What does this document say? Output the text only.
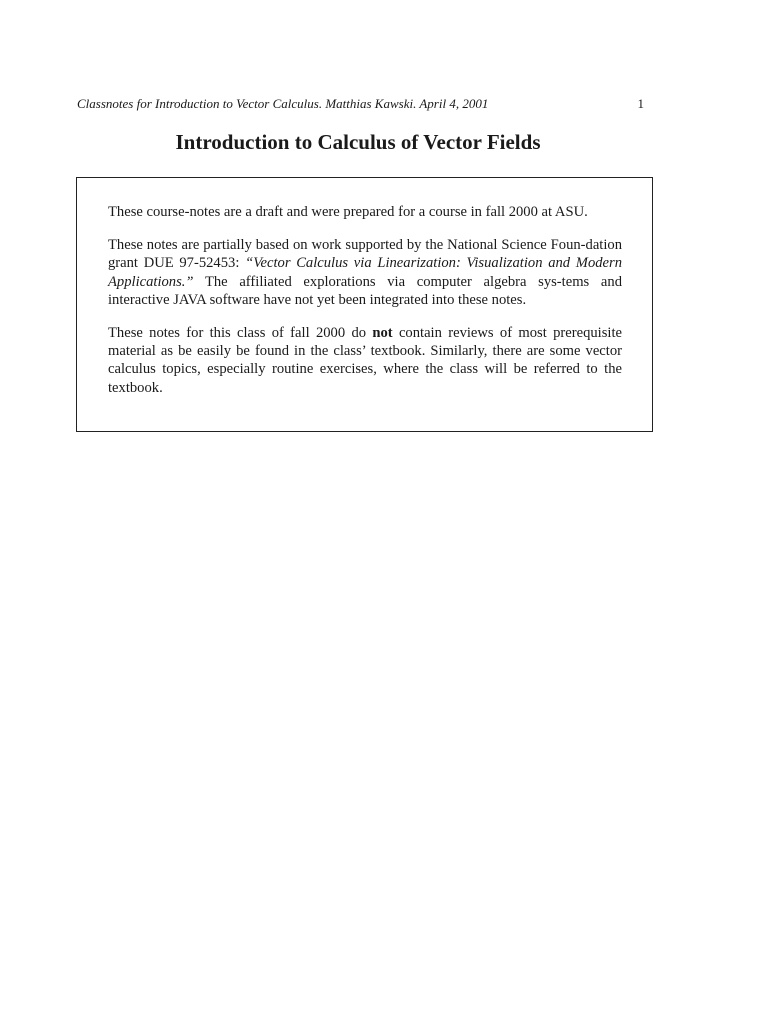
Classnotes for Introduction to Vector Calculus. Matthias Kawski. April 4, 2001	1
Introduction to Calculus of Vector Fields

These course-notes are a draft and were prepared for a course in fall 2000 at ASU.

These notes are partially based on work supported by the National Science Foun-dation grant DUE 97-52453: “Vector Calculus via Linearization: Visualization and Modern Applications.” The affiliated explorations via computer algebra sys-tems and interactive JAVA software have not yet been integrated into these notes.

These notes for this class of fall 2000 do not contain reviews of most prerequisite material as be easily be found in the class’ textbook. Similarly, there are some vector calculus topics, especially routine exercises, where the class will be referred to the textbook.
